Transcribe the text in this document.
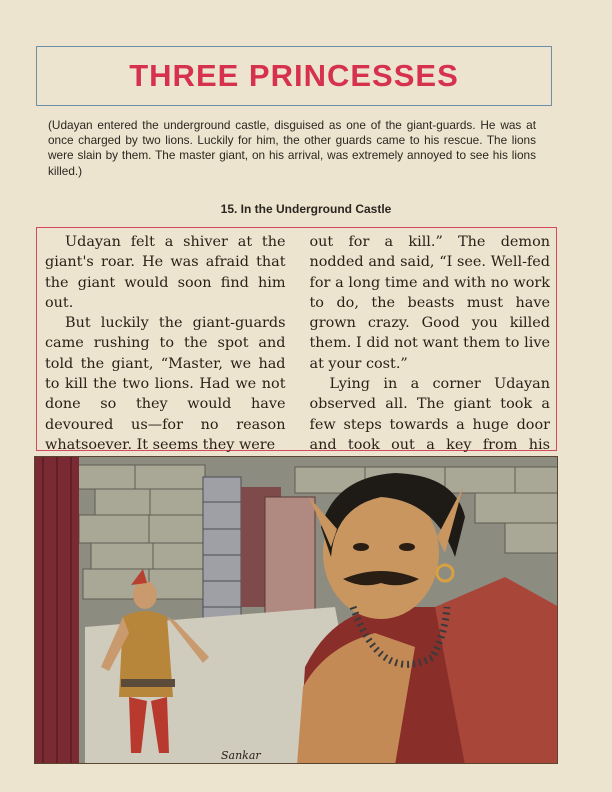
THREE PRINCESSES

(Udayan entered the underground castle, disguised as one of the giant-guards. He was at once charged by two lions. Luckily for him, the other guards came to his rescue. The lions were slain by them. The master giant, on his arrival, was extremely annoyed to see his lions killed.)

15. In the Underground Castle

Udayan felt a shiver at the giant's roar. He was afraid that the giant would soon find him out.

But luckily the giant-guards came rushing to the spot and told the giant, “Master, we had to kill the two lions. Had we not done so they would have devoured us—for no reason whatsoever. It seems they were

out for a kill.” The demon nodded and said, “I see. Well-fed for a long time and with no work to do, the beasts must have grown crazy. Good you killed them. I did not want them to live at your cost.”

Lying in a corner Udayan observed all. The giant took a few steps towards a huge door and took out a key from his

Sankar
